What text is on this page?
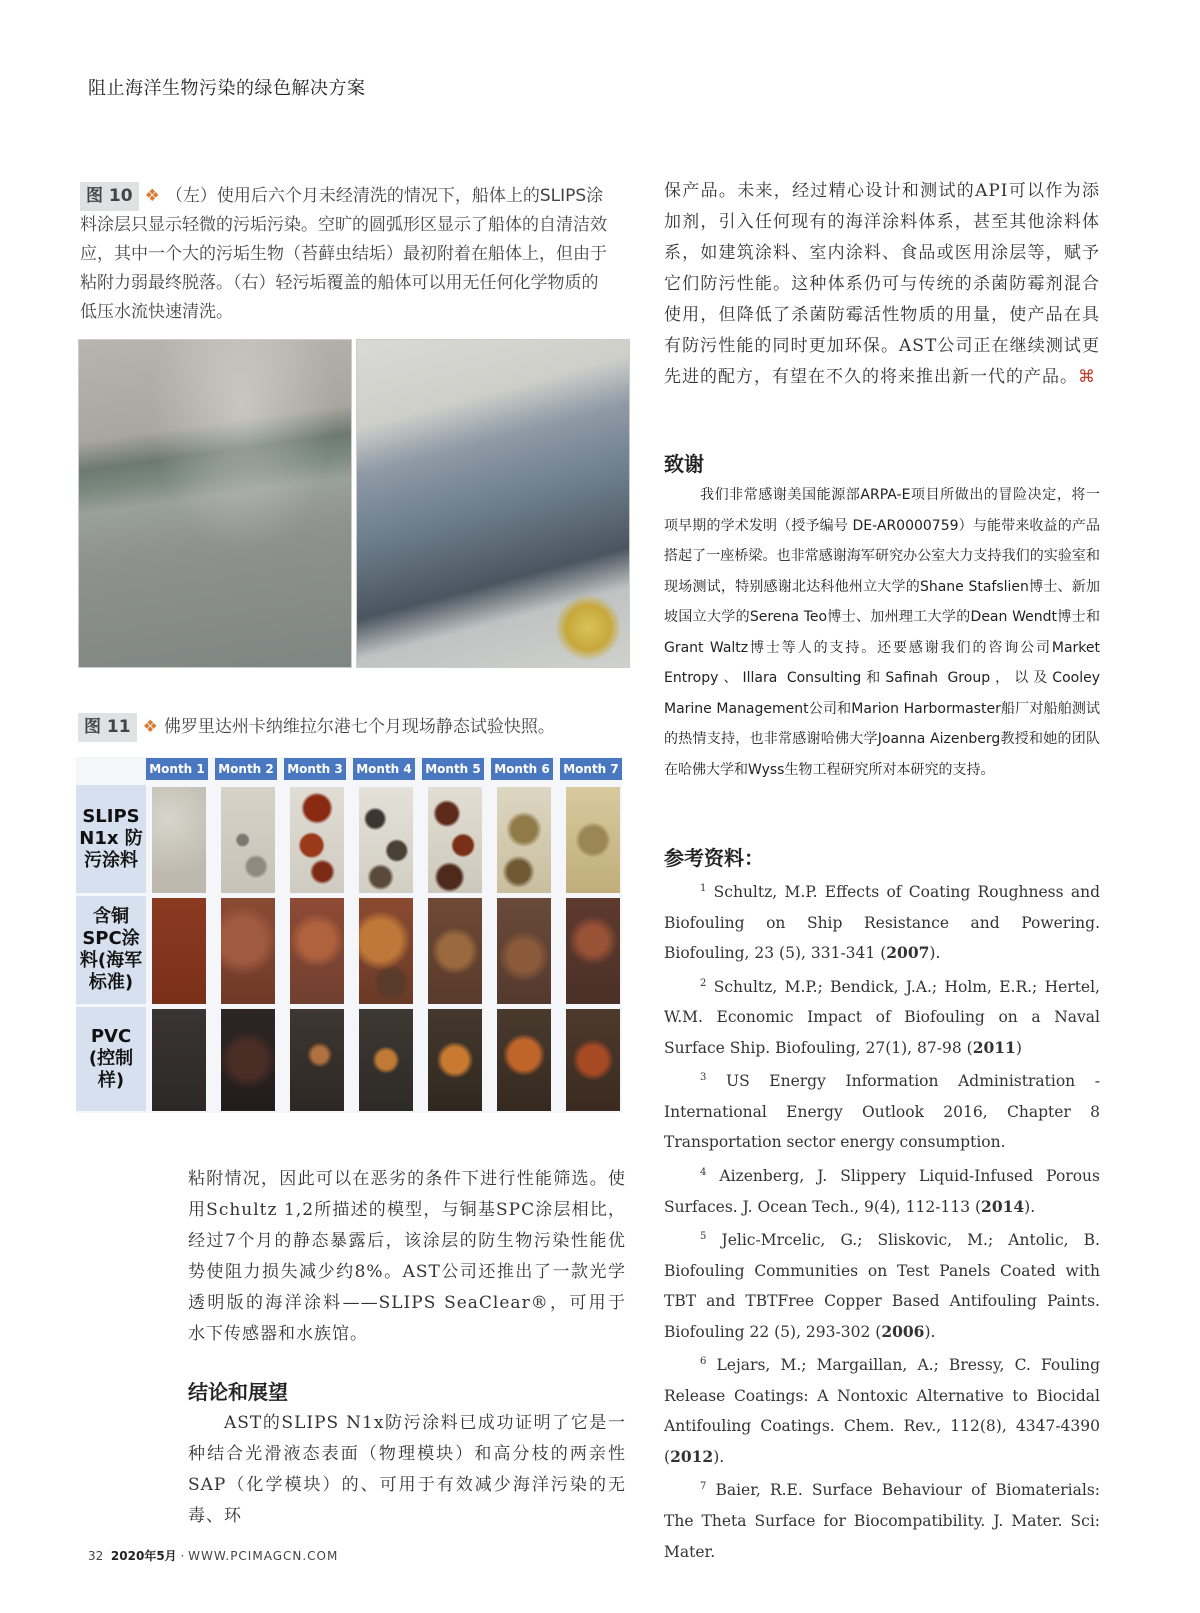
阻止海洋生物污染的绿色解决方案
图 10 ❖ （左）使用后六个月未经清洗的情况下，船体上的SLIPS涂料涂层只显示轻微的污垢污染。空旷的圆弧形区显示了船体的自清洁效应，其中一个大的污垢生物（苔藓虫结垢）最初附着在船体上，但由于粘附力弱最终脱落。（右）轻污垢覆盖的船体可以用无任何化学物质的低压水流快速清洗。
图 11 ❖ 佛罗里达州卡纳维拉尔港七个月现场静态试验快照。
Month 1 Month 2 Month 3 Month 4 Month 5 Month 6 Month 7
SLIPS N1x 防污涂料
含铜 SPC涂料(海军标准)
PVC (控制样)
粘附情况，因此可以在恶劣的条件下进行性能筛选。使用Schultz 1,2所描述的模型，与铜基SPC涂层相比，经过7个月的静态暴露后，该涂层的防生物污染性能优势使阻力损失减少约8%。AST公司还推出了一款光学透明版的海洋涂料——SLIPS SeaClear®，可用于水下传感器和水族馆。
结论和展望
AST的SLIPS N1x防污涂料已成功证明了它是一种结合光滑液态表面（物理模块）和高分枝的两亲性SAP（化学模块）的、可用于有效减少海洋污染的无毒、环
保产品。未来，经过精心设计和测试的API可以作为添加剂，引入任何现有的海洋涂料体系，甚至其他涂料体系，如建筑涂料、室内涂料、食品或医用涂层等，赋予它们防污性能。这种体系仍可与传统的杀菌防霉剂混合使用，但降低了杀菌防霉活性物质的用量，使产品在具有防污性能的同时更加环保。AST公司正在继续测试更先进的配方，有望在不久的将来推出新一代的产品。⌘
致谢
我们非常感谢美国能源部ARPA-E项目所做出的冒险决定，将一项早期的学术发明（授予编号 DE-AR0000759）与能带来收益的产品搭起了一座桥梁。也非常感谢海军研究办公室大力支持我们的实验室和现场测试，特别感谢北达科他州立大学的Shane Stafslien博士、新加坡国立大学的Serena Teo博士、加州理工大学的Dean Wendt博士和Grant Waltz博士等人的支持。还要感谢我们的咨询公司Market Entropy、Illara Consulting和Safinah Group，以及Cooley Marine Management公司和Marion Harbormaster船厂对船舶测试的热情支持，也非常感谢哈佛大学Joanna Aizenberg教授和她的团队在哈佛大学和Wyss生物工程研究所对本研究的支持。
参考资料：

$^1$ Schultz, M.P. Effects of Coating Roughness and Biofouling on Ship Resistance and Powering. Biofouling, 23 (5), 331-341 (2007).

$^2$ Schultz, M.P.; Bendick, J.A.; Holm, E.R.; Hertel, W.M. Economic Impact of Biofouling on a Naval Surface Ship. Biofouling, 27(1), 87-98 (2011)

$^3$ US Energy Information Administration - International Energy Outlook 2016, Chapter 8 Transportation sector energy consumption.

$^4$ Aizenberg, J. Slippery Liquid-Infused Porous Surfaces. J. Ocean Tech., 9(4), 112-113 (2014).

$^5$ Jelic-Mrcelic, G.; Sliskovic, M.; Antolic, B. Biofouling Communities on Test Panels Coated with TBT and TBTFree Copper Based Antifouling Paints. Biofouling 22 (5), 293-302 (2006).

$^6$ Lejars, M.; Margaillan, A.; Bressy, C. Fouling Release Coatings: A Nontoxic Alternative to Biocidal Antifouling Coatings. Chem. Rev., 112(8), 4347-4390 (2012).

$^7$ Baier, R.E. Surface Behaviour of Biomaterials: The Theta Surface for Biocompatibility. J. Mater. Sci: Mater.

32 2020年5月 · WWW.PCIMAGCN.COM
